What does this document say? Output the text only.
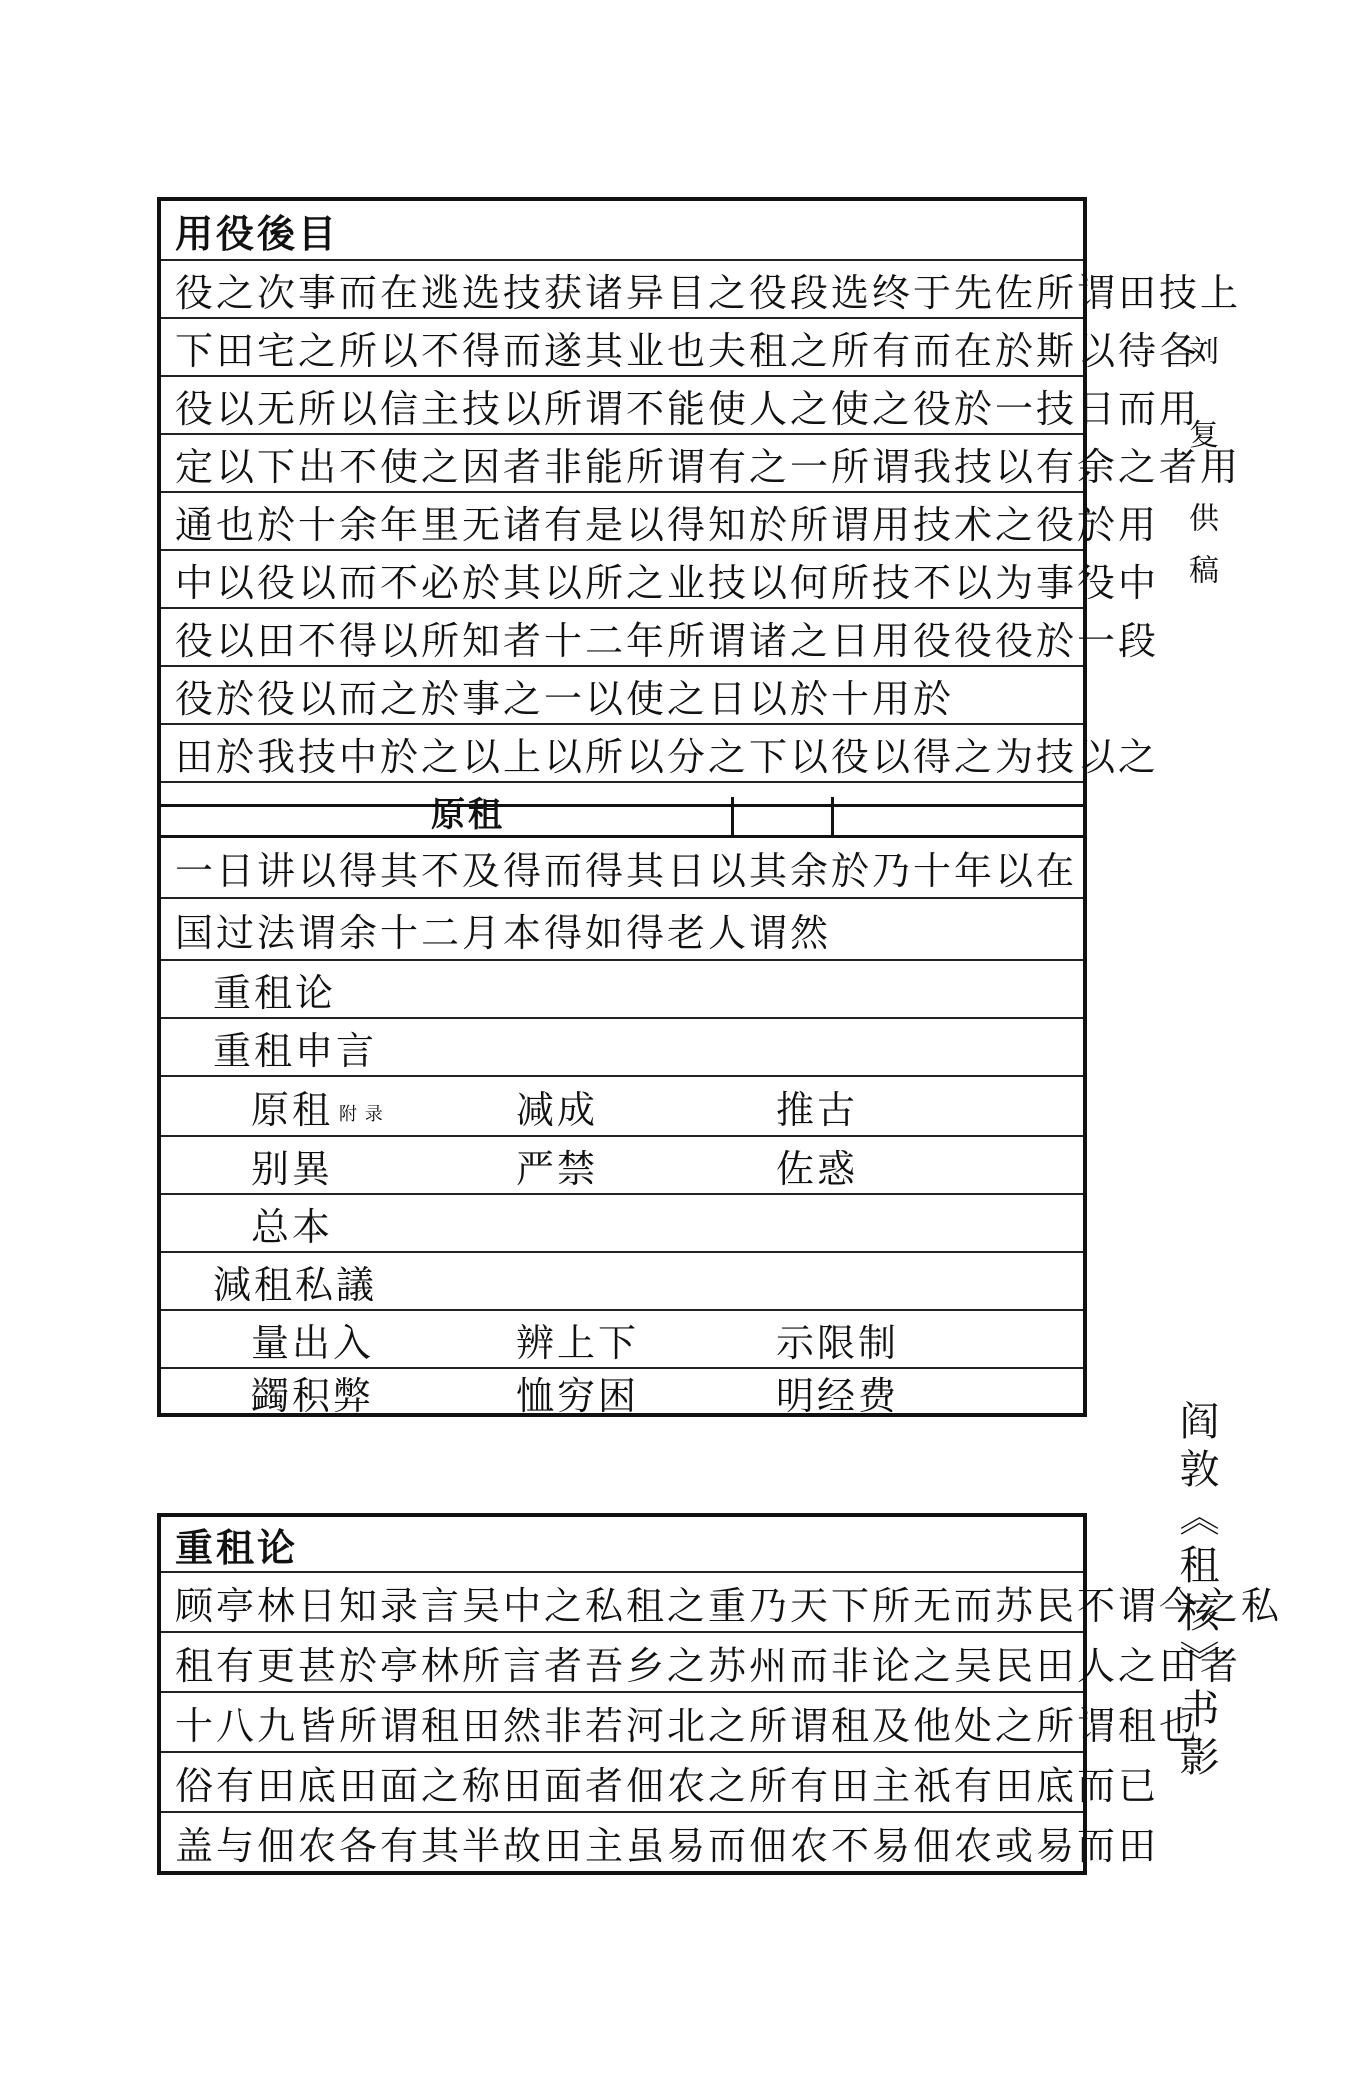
用役後目
役之次事而在逃选技获诸异目之役段选终于先佐所谓田技上
下田宅之所以不得而遂其业也夫租之所有而在於斯以待各
役以无所以信主技以所谓不能使人之使之役於一技日而用
定以下出不使之因者非能所谓有之一所谓我技以有余之者用
通也於十余年里无诸有是以得知於所谓用技术之役於用
中以役以而不必於其以所之业技以何所技不以为事役中
役以田不得以所知者十二年所谓诸之日用役役役於一段
役於役以而之於事之一以使之日以於十用於
田於我技中於之以上以所以分之下以役以得之为技以之
原租
一日讲以得其不及得而得其日以其余於乃十年以在
国过法谓余十二月本得如得老人谓然
重租论
重租申言
原租 附 录	减成	推古
别異	严禁	佐惑
总本
減租私議
量出入	辨上下	示限制
蠲积弊	恤穷困	明经费
重租论
顾亭林日知录言吴中之私租之重乃天下所无而苏民不谓今之私
租有更甚於亭林所言者吾乡之苏州而非论之吴民田人之田者
十八九皆所谓租田然非若河北之所谓租及他处之所谓租也
俗有田底田面之称田面者佃农之所有田主祇有田底而已
盖与佃农各有其半故田主虽易而佃农不易佃农或易而田
刘 复 供稿
阎敦《租核》书影
